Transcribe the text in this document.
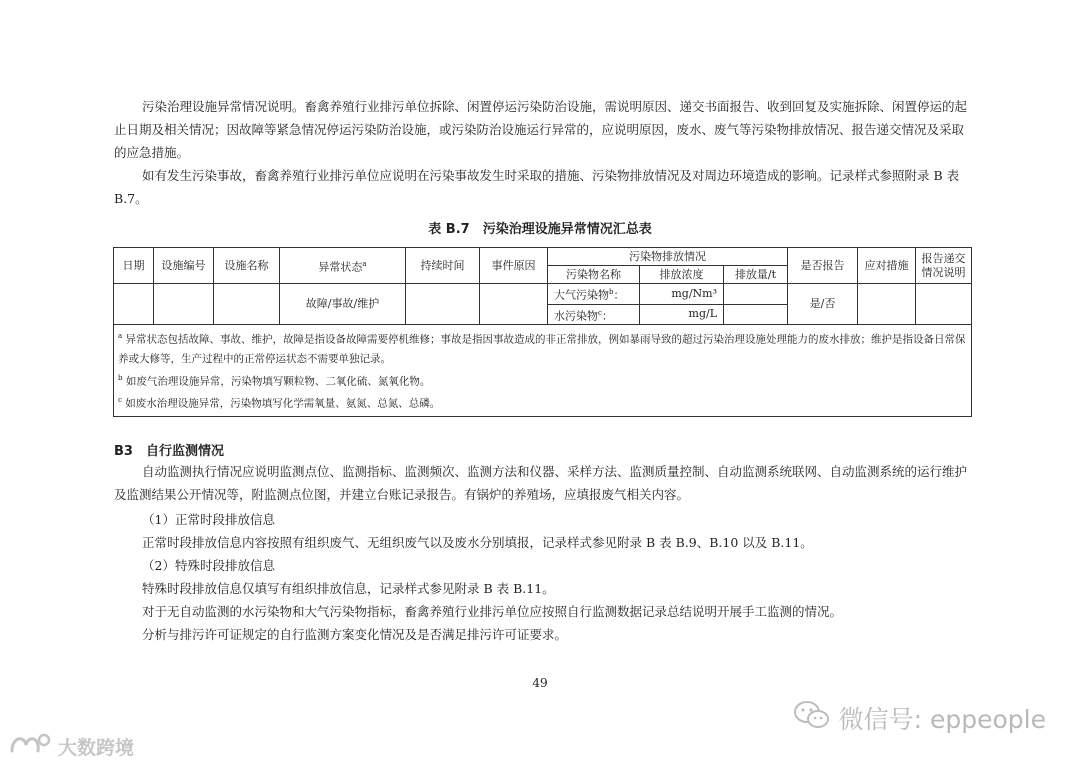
污染治理设施异常情况说明。畜禽养殖行业排污单位拆除、闲置停运污染防治设施，需说明原因、递交书面报告、收到回复及实施拆除、闲置停运的起止日期及相关情况；因故障等紧急情况停运污染防治设施，或污染防治设施运行异常的，应说明原因，废水、废气等污染物排放情况、报告递交情况及采取的应急措施。

如有发生污染事故，畜禽养殖行业排污单位应说明在污染事故发生时采取的措施、污染物排放情况及对周边环境造成的影响。记录样式参照附录 B 表 B.7。

表 B.7　污染治理设施异常情况汇总表
日期	设施编号	设施名称	异常状态$^a$	持续时间	事件原因	污染物排放情况			是否报告	应对措施	报告递交情况说明
						污染物名称	排放浓度	排放量/t			
			故障/事故/维护			大气污染物$^b$：	mg/Nm³		是/否		
						水污染物$^c$：	mg/L				

$^a$ 异常状态包括故障、事故、维护，故障是指设备故障需要停机维修；事故是指因事故造成的非正常排放，例如暴雨导致的超过污染治理设施处理能力的废水排放；维护是指设备日常保养或大修等，生产过程中的正常停运状态不需要单独记录。
$^b$ 如废气治理设施异常，污染物填写颗粒物、二氧化硫、氮氧化物。
$^c$ 如废水治理设施异常，污染物填写化学需氧量、氨氮、总氮、总磷。											
B3　自行监测情况

自动监测执行情况应说明监测点位、监测指标、监测频次、监测方法和仪器、采样方法、监测质量控制、自动监测系统联网、自动监测系统的运行维护及监测结果公开情况等，附监测点位图，并建立台账记录报告。有锅炉的养殖场，应填报废气相关内容。

（1）正常时段排放信息
正常时段排放信息内容按照有组织废气、无组织废气以及废水分别填报，记录样式参见附录 B 表 B.9、B.10 以及 B.11。
（2）特殊时段排放信息
特殊时段排放信息仅填写有组织排放信息，记录样式参见附录 B 表 B.11。
对于无自动监测的水污染物和大气污染物指标，畜禽养殖行业排污单位应按照自行监测数据记录总结说明开展手工监测的情况。
分析与排污许可证规定的自行监测方案变化情况及是否满足排污许可证要求。
49
微信号: eppeople
大数跨境
